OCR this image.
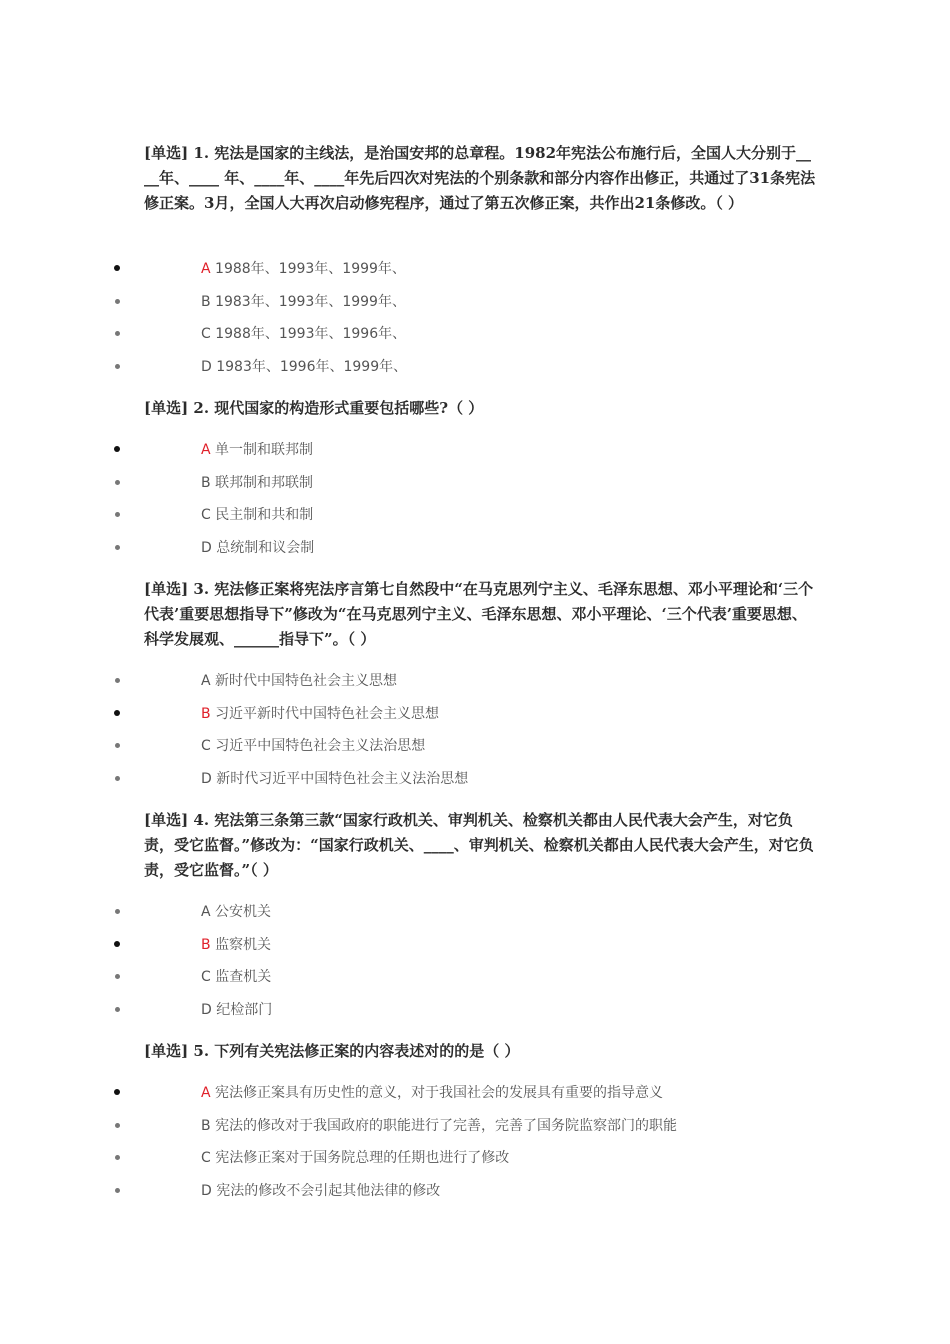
[单选] 1. 宪法是国家的主线法，是治国安邦的总章程。1982年宪法公布施行后，全国人大分别于____年、____ 年、____年、____年先后四次对宪法的个别条款和部分内容作出修正，共通过了31条宪法修正案。3月，全国人大再次启动修宪程序，通过了第五次修正案，共作出21条修改。（ ）

A 1988年、1993年、1999年、
B 1983年、1993年、1999年、
C 1988年、1993年、1996年、
D 1983年、1996年、1999年、

[单选] 2. 现代国家的构造形式重要包括哪些?（ ）

A 单一制和联邦制
B 联邦制和邦联制
C 民主制和共和制
D 总统制和议会制

[单选] 3. 宪法修正案将宪法序言第七自然段中“在马克思列宁主义、毛泽东思想、邓小平理论和‘三个代表’重要思想指导下”修改为“在马克思列宁主义、毛泽东思想、邓小平理论、‘三个代表’重要思想、科学发展观、______指导下”。（ ）

A 新时代中国特色社会主义思想
B 习近平新时代中国特色社会主义思想
C 习近平中国特色社会主义法治思想
D 新时代习近平中国特色社会主义法治思想

[单选] 4. 宪法第三条第三款“国家行政机关、审判机关、检察机关都由人民代表大会产生，对它负责，受它监督。”修改为：“国家行政机关、____、审判机关、检察机关都由人民代表大会产生，对它负责，受它监督。”（ ）

A 公安机关
B 监察机关
C 监查机关
D 纪检部门

[单选] 5. 下列有关宪法修正案的内容表述对的的是（ ）

A 宪法修正案具有历史性的意义，对于我国社会的发展具有重要的指导意义
B 宪法的修改对于我国政府的职能进行了完善，完善了国务院监察部门的职能
C 宪法修正案对于国务院总理的任期也进行了修改
D 宪法的修改不会引起其他法律的修改
